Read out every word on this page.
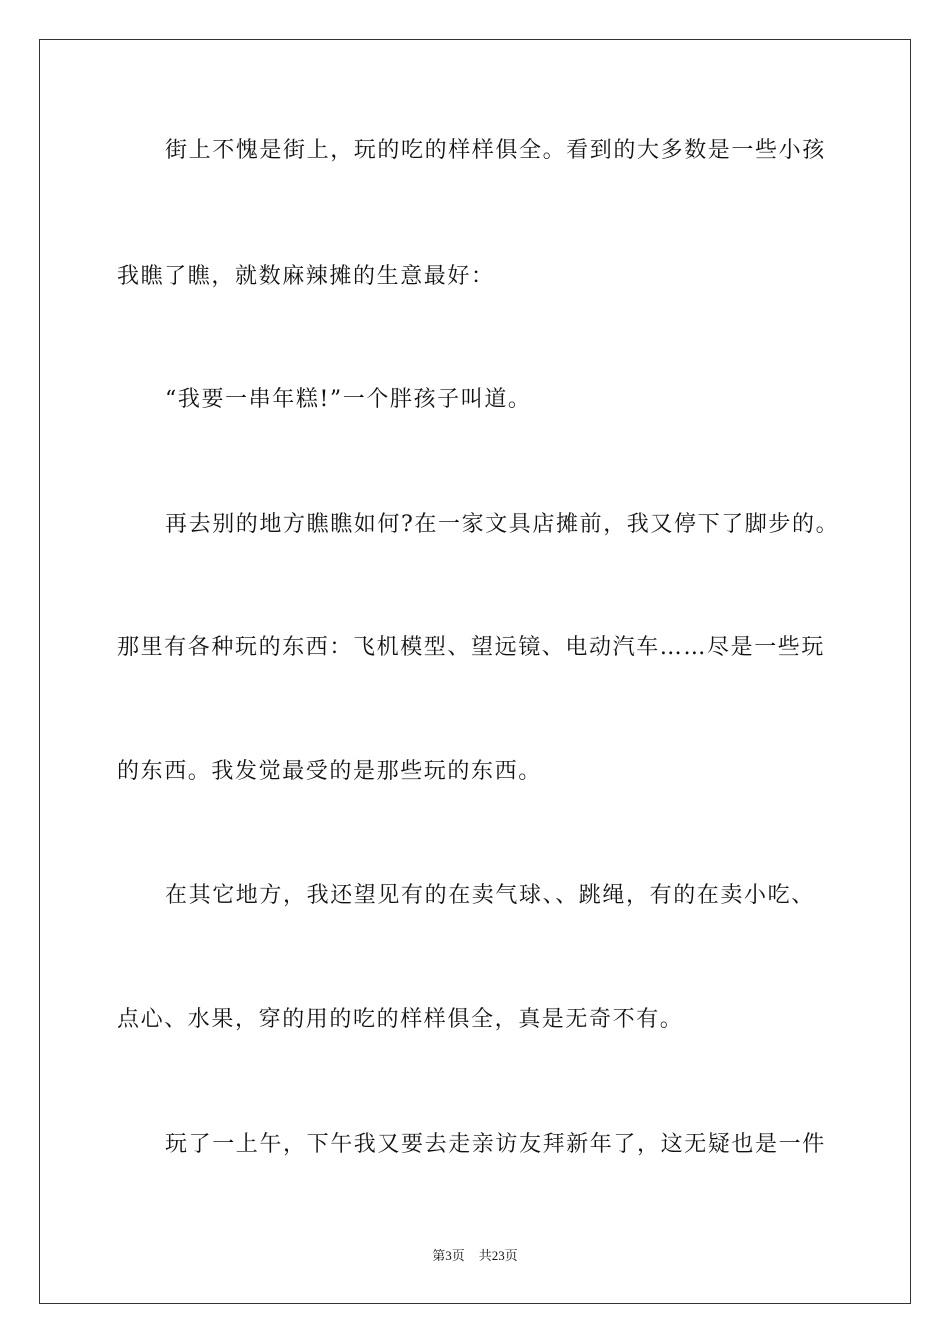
街上不愧是街上，玩的吃的样样俱全。看到的大多数是一些小孩
我瞧了瞧，就数麻辣摊的生意最好：
“我要一串年糕!”一个胖孩子叫道。
再去别的地方瞧瞧如何?在一家文具店摊前，我又停下了脚步的。
那里有各种玩的东西：飞机模型、望远镜、电动汽车……尽是一些玩
的东西。我发觉最受的是那些玩的东西。
在其它地方，我还望见有的在卖气球、、跳绳，有的在卖小吃、
点心、水果，穿的用的吃的样样俱全，真是无奇不有。
玩了一上午，下午我又要去走亲访友拜新年了，这无疑也是一件
第3页 共23页
